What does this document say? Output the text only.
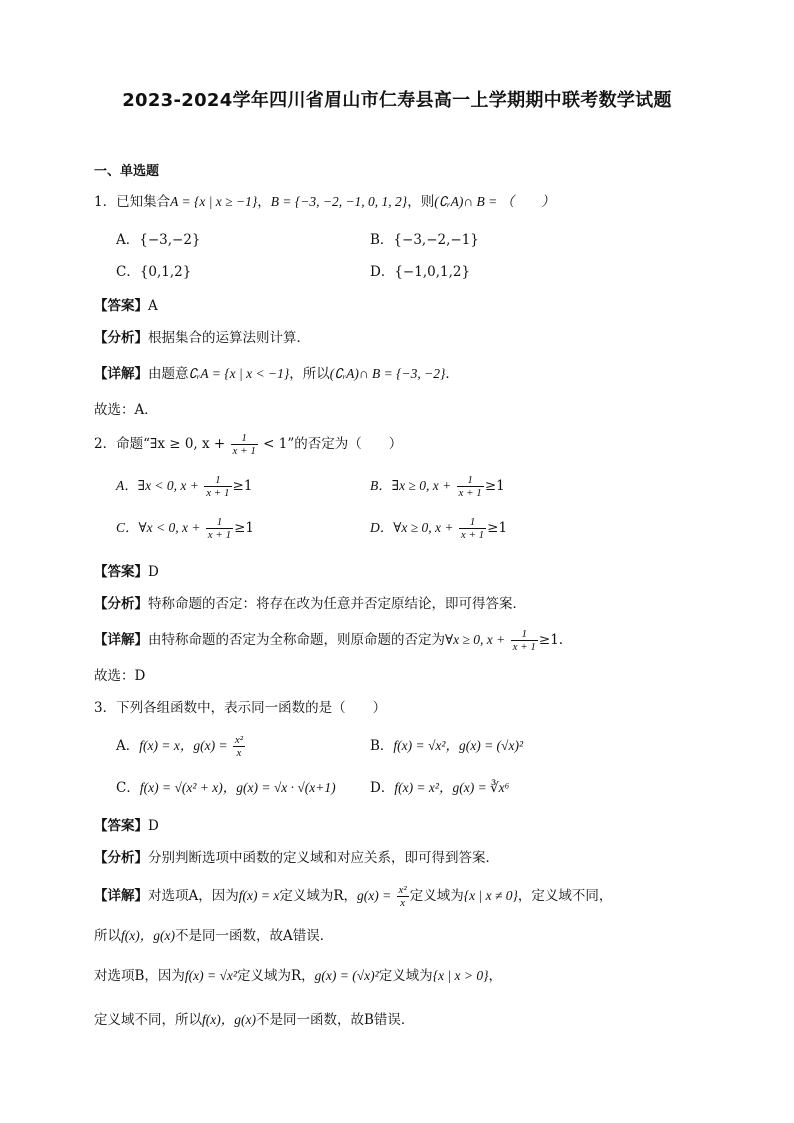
2023-2024学年四川省眉山市仁寿县高一上学期期中联考数学试题
一、单选题
1．已知集合A = {x | x ≥ −1}，B = {−3, −2, −1, 0, 1, 2}，则(∁ᵣA)∩ B = （　　）
A．{−3,−2}	B．{−3,−2,−1}
C．{0,1,2}	D．{−1,0,1,2}
【答案】A
【分析】根据集合的运算法则计算．
【详解】由题意∁ᵣA = {x | x < −1}，所以(∁ᵣA)∩ B = {−3, −2}．
故选：A．
2．命题“∃x ≥ 0, $x + \frac{1}{x + 1} < 1$”的否定为（　　）
A．∃x < 0, $x + \frac{1}{x + 1} \ge 1$	B．∃x ≥ 0, $x + \frac{1}{x + 1} \ge 1$
C．∀x < 0, $x + \frac{1}{x + 1} \ge 1$	D．∀x ≥ 0, $x + \frac{1}{x + 1} \ge 1$
【答案】D
【分析】特称命题的否定：将存在改为任意并否定原结论，即可得答案．
【详解】由特称命题的否定为全称命题，则原命题的否定为∀x ≥ 0, $x + \frac{1}{x + 1} \ge 1$.
故选：D
3．下列各组函数中，表示同一函数的是（　　）
A．f(x) = x，$g(x) = \frac{\text{x²}}{x}$	B．f(x) = √x²，g(x) = (√x)²
C．f(x) = √(x² + x)，g(x) = √x · √(x+1)	D．f(x) = x²，g(x) = ∛x⁶
【答案】D
【分析】分别判断选项中函数的定义域和对应关系，即可得到答案．
【详解】对选项A，因为f(x) = x定义域为R，$g(x) = \frac{\text{x²}}{x}$ 定义域为{x | x ≠ 0}，定义域不同，
所以f(x)，g(x)不是同一函数，故A错误．
对选项B，因为f(x) = √x²定义域为R，g(x) = (√x)²定义域为{x | x > 0}，
定义域不同，所以f(x)，g(x)不是同一函数，故B错误．
